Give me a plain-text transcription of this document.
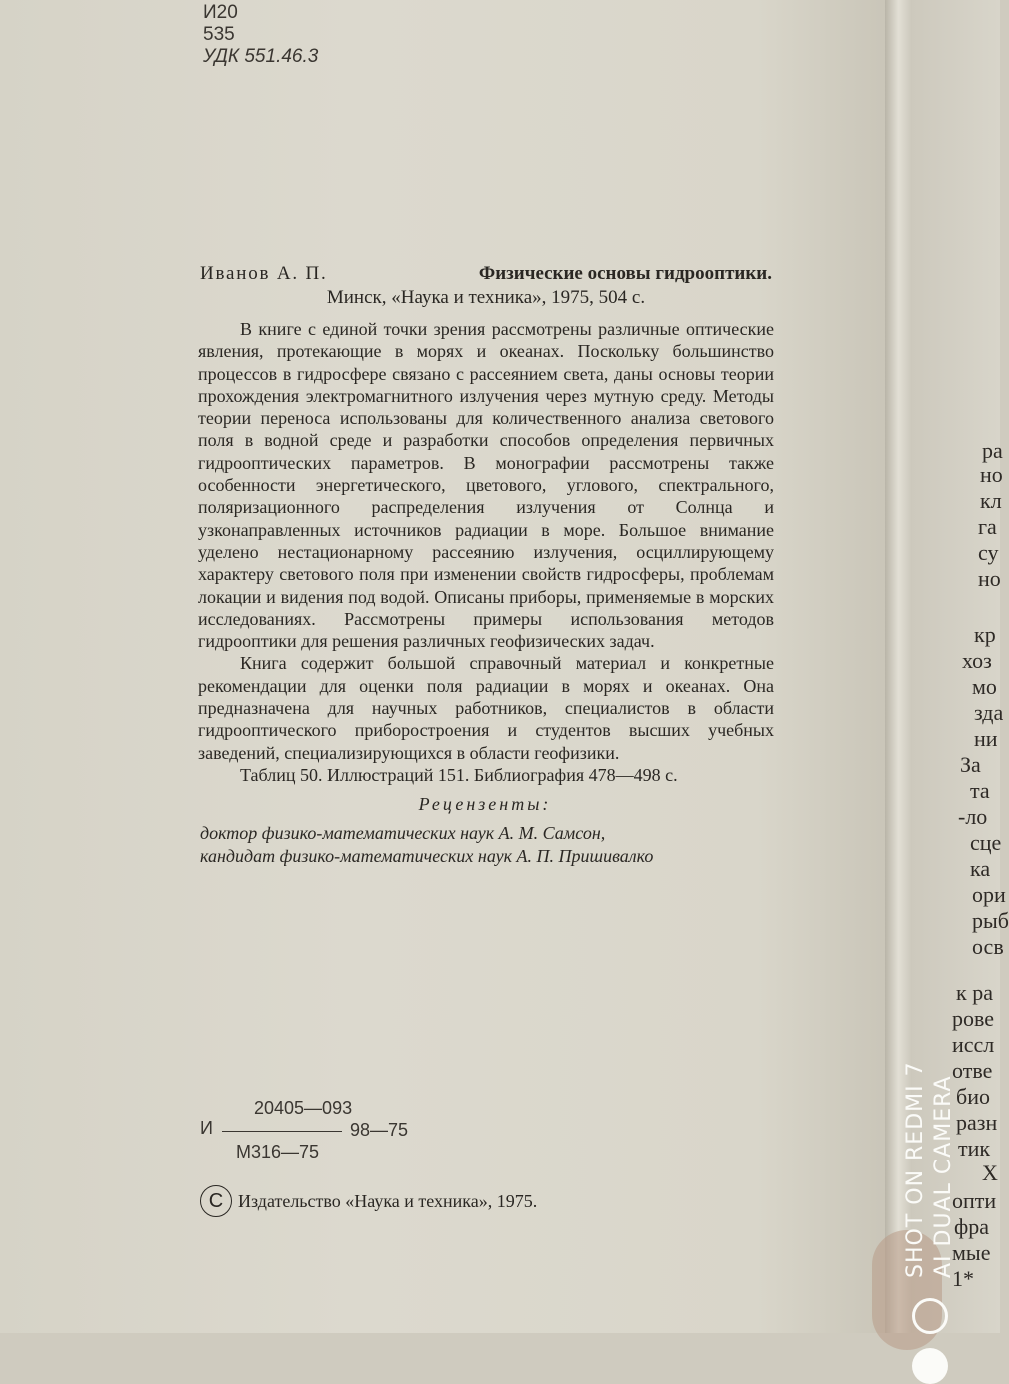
ра
но
кл
га
су
но
кр
хоз
мо
зда
ни
За
та
-ло
сце
ка
ори
рыб
осв
к ра
рове
иссл
отве
био
разн
тик
Х
опти
фра
мые
1*
И20
535
УДК 551.46.3
Иванов А. П.	Физические основы гидрооптики.
Минск, «Наука и техника», 1975, 504 с.

В книге с единой точки зрения рассмотрены различные оптические явления, протекающие в морях и океанах. Поскольку большинство процессов в гидросфере связано с рассеянием света, даны основы теории прохождения электромагнитного излучения через мутную среду. Методы теории переноса использованы для количественного анализа светового поля в водной среде и разработки способов определения первичных гидрооптических параметров. В монографии рассмотрены также особенности энергетического, цветового, углового, спектрального, поляризационного распределения излучения от Солнца и узконаправленных источников радиации в море. Большое внимание уделено нестационарному рассеянию излучения, осциллирующему характеру светового поля при изменении свойств гидросферы, проблемам локации и видения под водой. Описаны приборы, применяемые в морских исследованиях. Рассмотрены примеры использования методов гидрооптики для решения различных геофизических задач.

Книга содержит большой справочный материал и конкретные рекомендации для оценки поля радиации в морях и океанах. Она предназначена для научных работников, специалистов в области гидрооптического приборостроения и студентов высших учебных заведений, специализирующихся в области геофизики.

Таблиц 50. Иллюстраций 151. Библиография 478—498 с.

Рецензенты:
доктор физико-математических наук А. М. Самсон,
кандидат физико-математических наук А. П. Пришивалко
И
20405—093
М316—75
98—75
C Издательство «Наука и техника», 1975.	SHOT ON REDMI 7 AI DUAL CAMERA
